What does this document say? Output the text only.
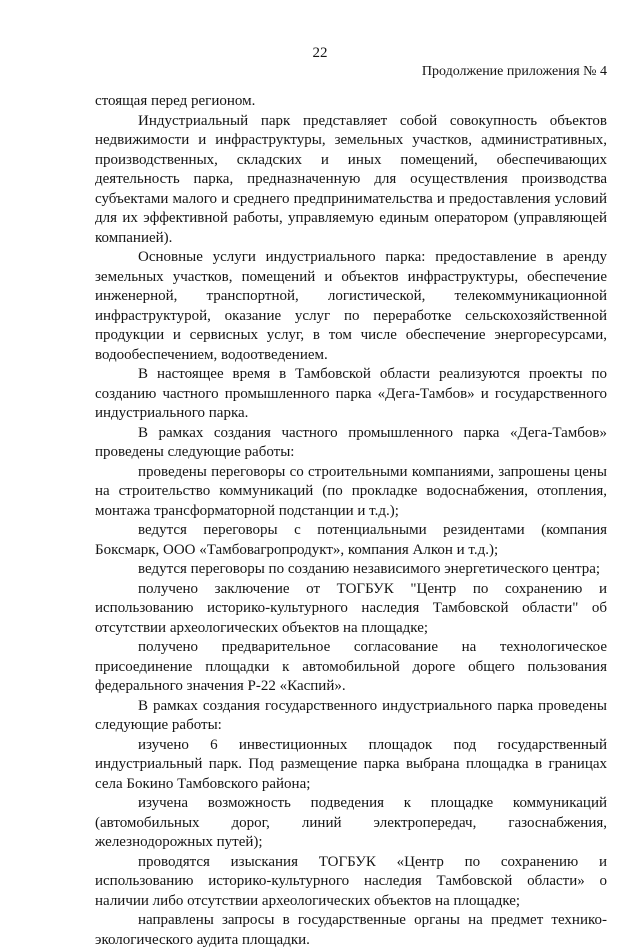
22
Продолжение приложения № 4

стоящая перед регионом.

Индустриальный парк представляет собой совокупность объектов недвижимости и инфраструктуры, земельных участков, административных, производственных, складских и иных помещений, обеспечивающих деятельность парка, предназначенную для осуществления производства субъектами малого и среднего предпринимательства и предоставления условий для их эффективной работы, управляемую единым оператором (управляющей компанией).

Основные услуги индустриального парка: предоставление в аренду земельных участков, помещений и объектов инфраструктуры, обеспечение инженерной, транспортной, логистической, телекоммуникационной инфраструктурой, оказание услуг по переработке сельскохозяйственной продукции и сервисных услуг, в том числе обеспечение энергоресурсами, водообеспечением, водоотведением.

В настоящее время в Тамбовской области реализуются проекты по созданию частного промышленного парка «Дега-Тамбов» и государственного индустриального парка.

В рамках создания частного промышленного парка «Дега-Тамбов» проведены следующие работы:

проведены переговоры со строительными компаниями, запрошены цены на строительство коммуникаций (по прокладке водоснабжения, отопления, монтажа трансформаторной подстанции и т.д.);

ведутся переговоры с потенциальными резидентами (компания Боксмарк, ООО «Тамбовагропродукт», компания Алкон и т.д.);

ведутся переговоры по созданию независимого энергетического центра;

получено заключение от ТОГБУК "Центр по сохранению и использованию историко-культурного наследия Тамбовской области" об отсутствии археологических объектов на площадке;

получено предварительное согласование на технологическое присоединение площадки к автомобильной дороге общего пользования федерального значения Р-22 «Каспий».

В рамках создания государственного индустриального парка проведены следующие работы:

изучено 6 инвестиционных площадок под государственный индустриальный парк. Под размещение парка выбрана площадка в границах села Бокино Тамбовского района;

изучена возможность подведения к площадке коммуникаций (автомобильных дорог, линий электропередач, газоснабжения, железнодорожных путей);

проводятся изыскания ТОГБУК «Центр по сохранению и использованию историко-культурного наследия Тамбовской области» о наличии либо отсутствии археологических объектов на площадке;

направлены запросы в государственные органы на предмет технико-экологического аудита площадки.
